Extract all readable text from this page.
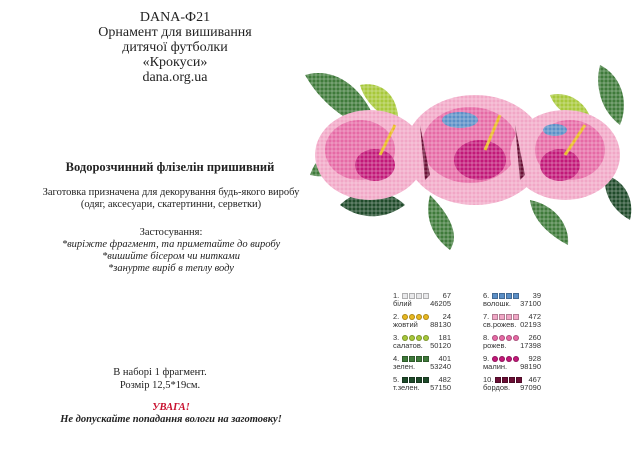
DANA-Ф21
Орнамент для вишивання
дитячої футболки
«Крокуси»
dana.org.ua
Водорозчинний флізелін пришивний
Заготовка призначена для декорування будь-якого виробу
(одяг, аксесуари, скатертинни, серветки)
Застосування:
*виріжте фрагмент, та приметайте до виробу
*вишийте бісером чи нитками
*занурте виріб в теплу воду
В наборі 1 фрагмент.
Розмір 12,5*19см.
УВАГА!
Не допускайте попадання вологи на заготовку!
1.	67
білий 46205
2.	24
жовтий 88130
3.	181
салатов. 50120
4.	401
зелен. 53240
5.	482
т.зелен. 57150
6.	39
волошк. 37100
7.	472
св.рожев. 02193
8.	260
рожев. 17398
9.	928
малин. 98190
10.	467
бордов. 97090
